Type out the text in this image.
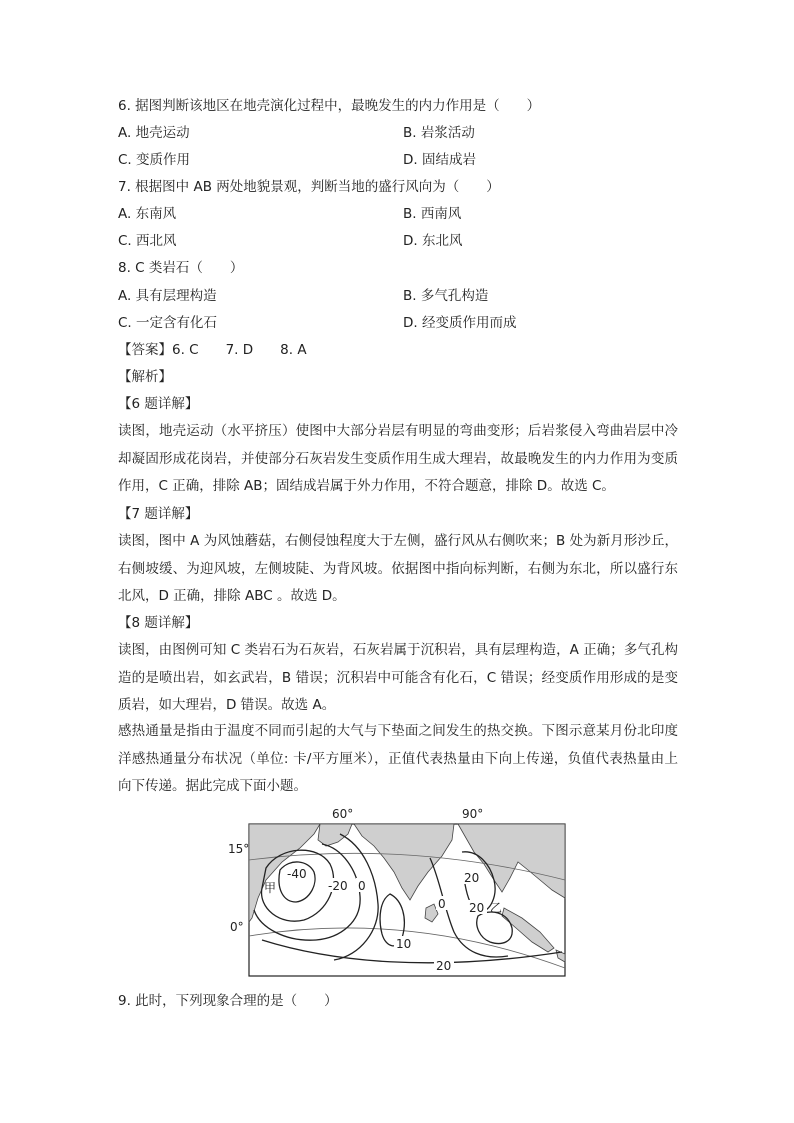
6. 据图判断该地区在地壳演化过程中，最晚发生的内力作用是（　　）
A. 地壳运动	B. 岩浆活动
C. 变质作用	D. 固结成岩
7. 根据图中 AB 两处地貌景观，判断当地的盛行风向为（　　）
A. 东南风	B. 西南风
C. 西北风	D. 东北风
8. C 类岩石（　　）
A. 具有层理构造	B. 多气孔构造
C. 一定含有化石	D. 经变质作用而成
【答案】6. C　　7. D　　8. A
【解析】
【6 题详解】
读图，地壳运动（水平挤压）使图中大部分岩层有明显的弯曲变形；后岩浆侵入弯曲岩层中冷却凝固形成花岗岩，并使部分石灰岩发生变质作用生成大理岩，故最晚发生的内力作用为变质作用，C 正确，排除 AB；固结成岩属于外力作用，不符合题意，排除 D。故选 C。
【7 题详解】
读图，图中 A 为风蚀蘑菇，右侧侵蚀程度大于左侧，盛行风从右侧吹来；B 处为新月形沙丘，右侧坡缓、为迎风坡，左侧坡陡、为背风坡。依据图中指向标判断，右侧为东北，所以盛行东北风，D 正确，排除 ABC 。故选 D。
【8 题详解】
读图，由图例可知 C 类岩石为石灰岩，石灰岩属于沉积岩，具有层理构造，A 正确；多气孔构造的是喷出岩，如玄武岩，B 错误；沉积岩中可能含有化石，C 错误；经变质作用形成的是变质岩，如大理岩，D 错误。故选 A。
感热通量是指由于温度不同而引起的大气与下垫面之间发生的热交换。下图示意某月份北印度洋感热通量分布状况（单位: 卡/平方厘米），正值代表热量由下向上传递，负值代表热量由上向下传递。据此完成下面小题。
60°	90°
15°
0°
-40
-20 0
0
20
20
10
20
甲
乙
9. 此时，下列现象合理的是（　　）
